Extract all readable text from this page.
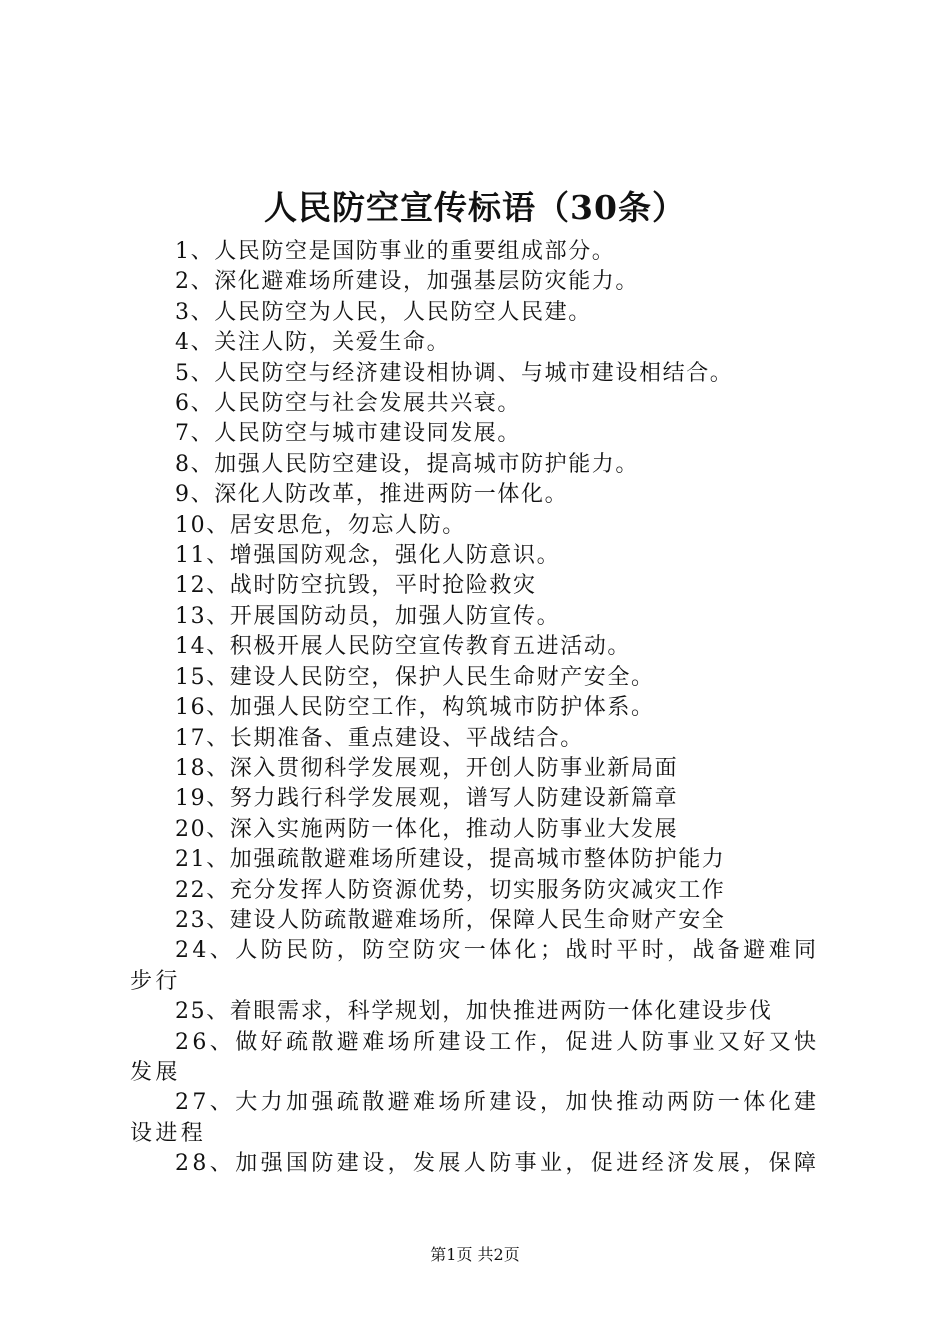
人民防空宣传标语（30条）
1、人民防空是国防事业的重要组成部分。
2、深化避难场所建设，加强基层防灾能力。
3、人民防空为人民，人民防空人民建。
4、关注人防，关爱生命。
5、人民防空与经济建设相协调、与城市建设相结合。
6、人民防空与社会发展共兴衰。
7、人民防空与城市建设同发展。
8、加强人民防空建设，提高城市防护能力。
9、深化人防改革，推进两防一体化。
10、居安思危，勿忘人防。
11、增强国防观念，强化人防意识。
12、战时防空抗毁，平时抢险救灾
13、开展国防动员，加强人防宣传。
14、积极开展人民防空宣传教育五进活动。
15、建设人民防空，保护人民生命财产安全。
16、加强人民防空工作，构筑城市防护体系。
17、长期准备、重点建设、平战结合。
18、深入贯彻科学发展观，开创人防事业新局面
19、努力践行科学发展观，谱写人防建设新篇章
20、深入实施两防一体化，推动人防事业大发展
21、加强疏散避难场所建设，提高城市整体防护能力
22、充分发挥人防资源优势，切实服务防灾减灾工作
23、建设人防疏散避难场所，保障人民生命财产安全
24、人防民防，防空防灾一体化；战时平时，战备避难同步行
25、着眼需求，科学规划，加快推进两防一体化建设步伐
26、做好疏散避难场所建设工作，促进人防事业又好又快发展
27、大力加强疏散避难场所建设，加快推动两防一体化建设进程
28、加强国防建设，发展人防事业，促进经济发展，保障
第1页 共2页
